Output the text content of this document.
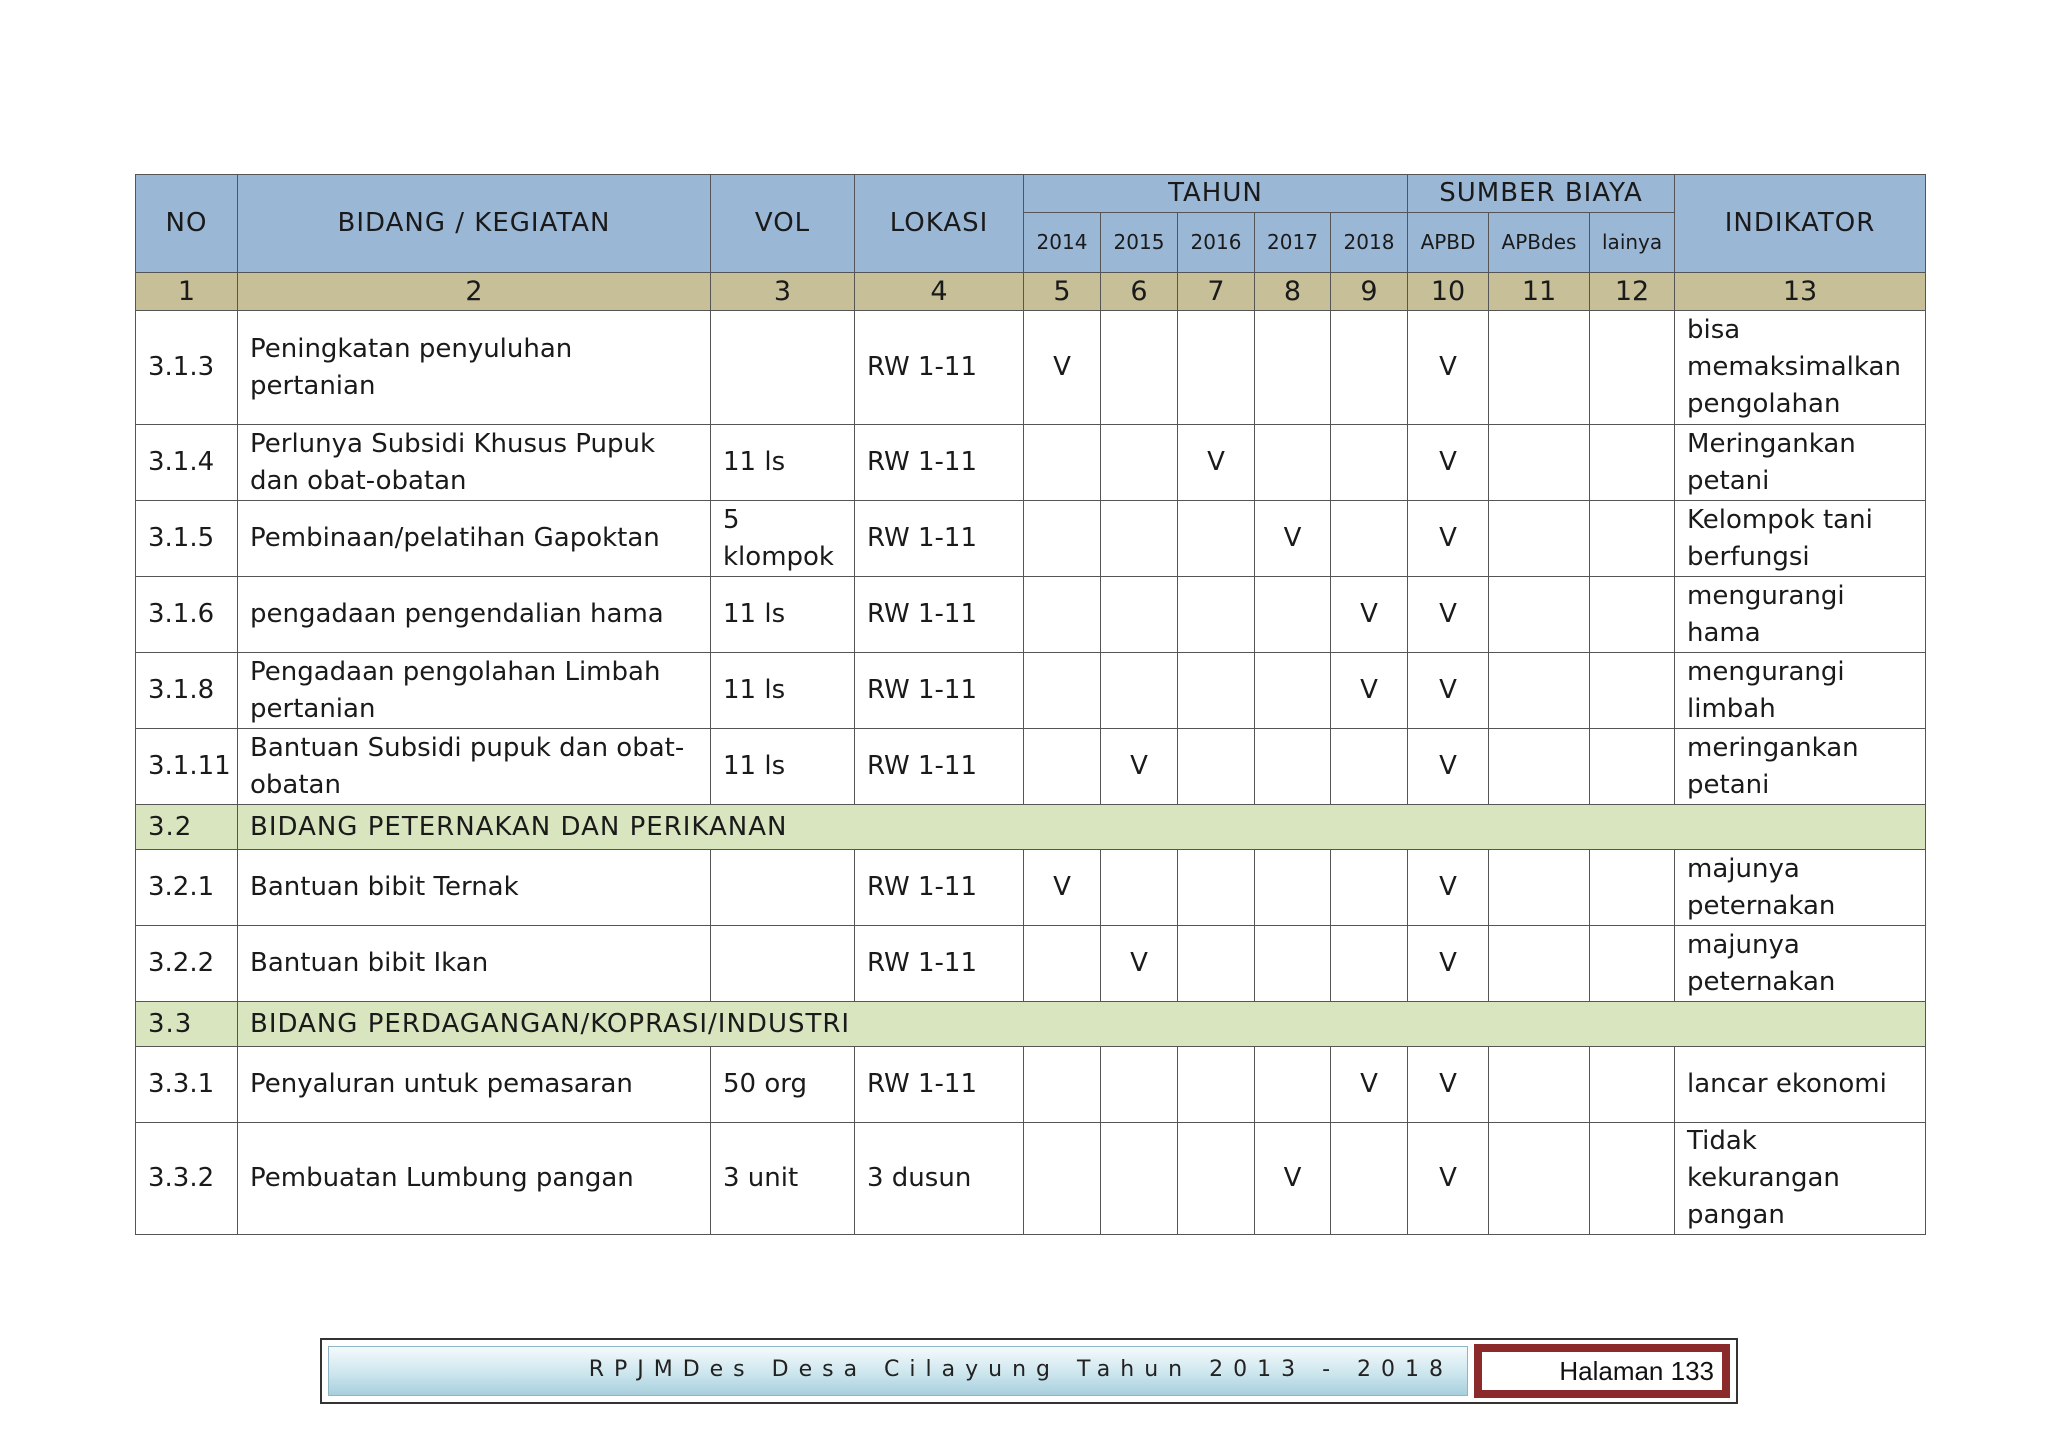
NO	BIDANG / KEGIATAN	VOL	LOKASI	TAHUN					SUMBER BIAYA			INDIKATOR	
				2014	2015	2016	2017	2018	APBD	APBdes	lainya		
1	2	3	4	5	6	7	8	9	10	11	12	13	
3.1.3	Peningkatan penyuluhan pertanian		RW 1-11	V					V			bisa memaksimalkan pengolahan	
3.1.4	Perlunya Subsidi Khusus Pupuk dan obat-obatan	11 ls	RW 1-11			V			V			Meringankan petani	
3.1.5	Pembinaan/pelatihan Gapoktan	5 klompok	RW 1-11				V		V			Kelompok tani berfungsi	
3.1.6	pengadaan pengendalian hama	11 ls	RW 1-11					V	V			mengurangi hama	
3.1.8	Pengadaan pengolahan Limbah pertanian	11 ls	RW 1-11					V	V			mengurangi limbah	
3.1.11	Bantuan Subsidi pupuk dan obat-obatan	11 ls	RW 1-11		V				V			meringankan petani	
3.2	BIDANG PETERNAKAN DAN PERIKANAN												
3.2.1	Bantuan bibit Ternak		RW 1-11	V					V			majunya peternakan	
3.2.2	Bantuan bibit Ikan		RW 1-11		V				V			majunya peternakan	
3.3	BIDANG PERDAGANGAN/KOPRASI/INDUSTRI												
3.3.1	Penyaluran untuk pemasaran	50 org	RW 1-11					V	V			lancar ekonomi	
3.3.2	Pembuatan Lumbung pangan	3 unit	3 dusun				V		V			Tidak kekurangan pangan	
RPJMDes Desa Cilayung Tahun 2013 - 2018	Halaman 133
